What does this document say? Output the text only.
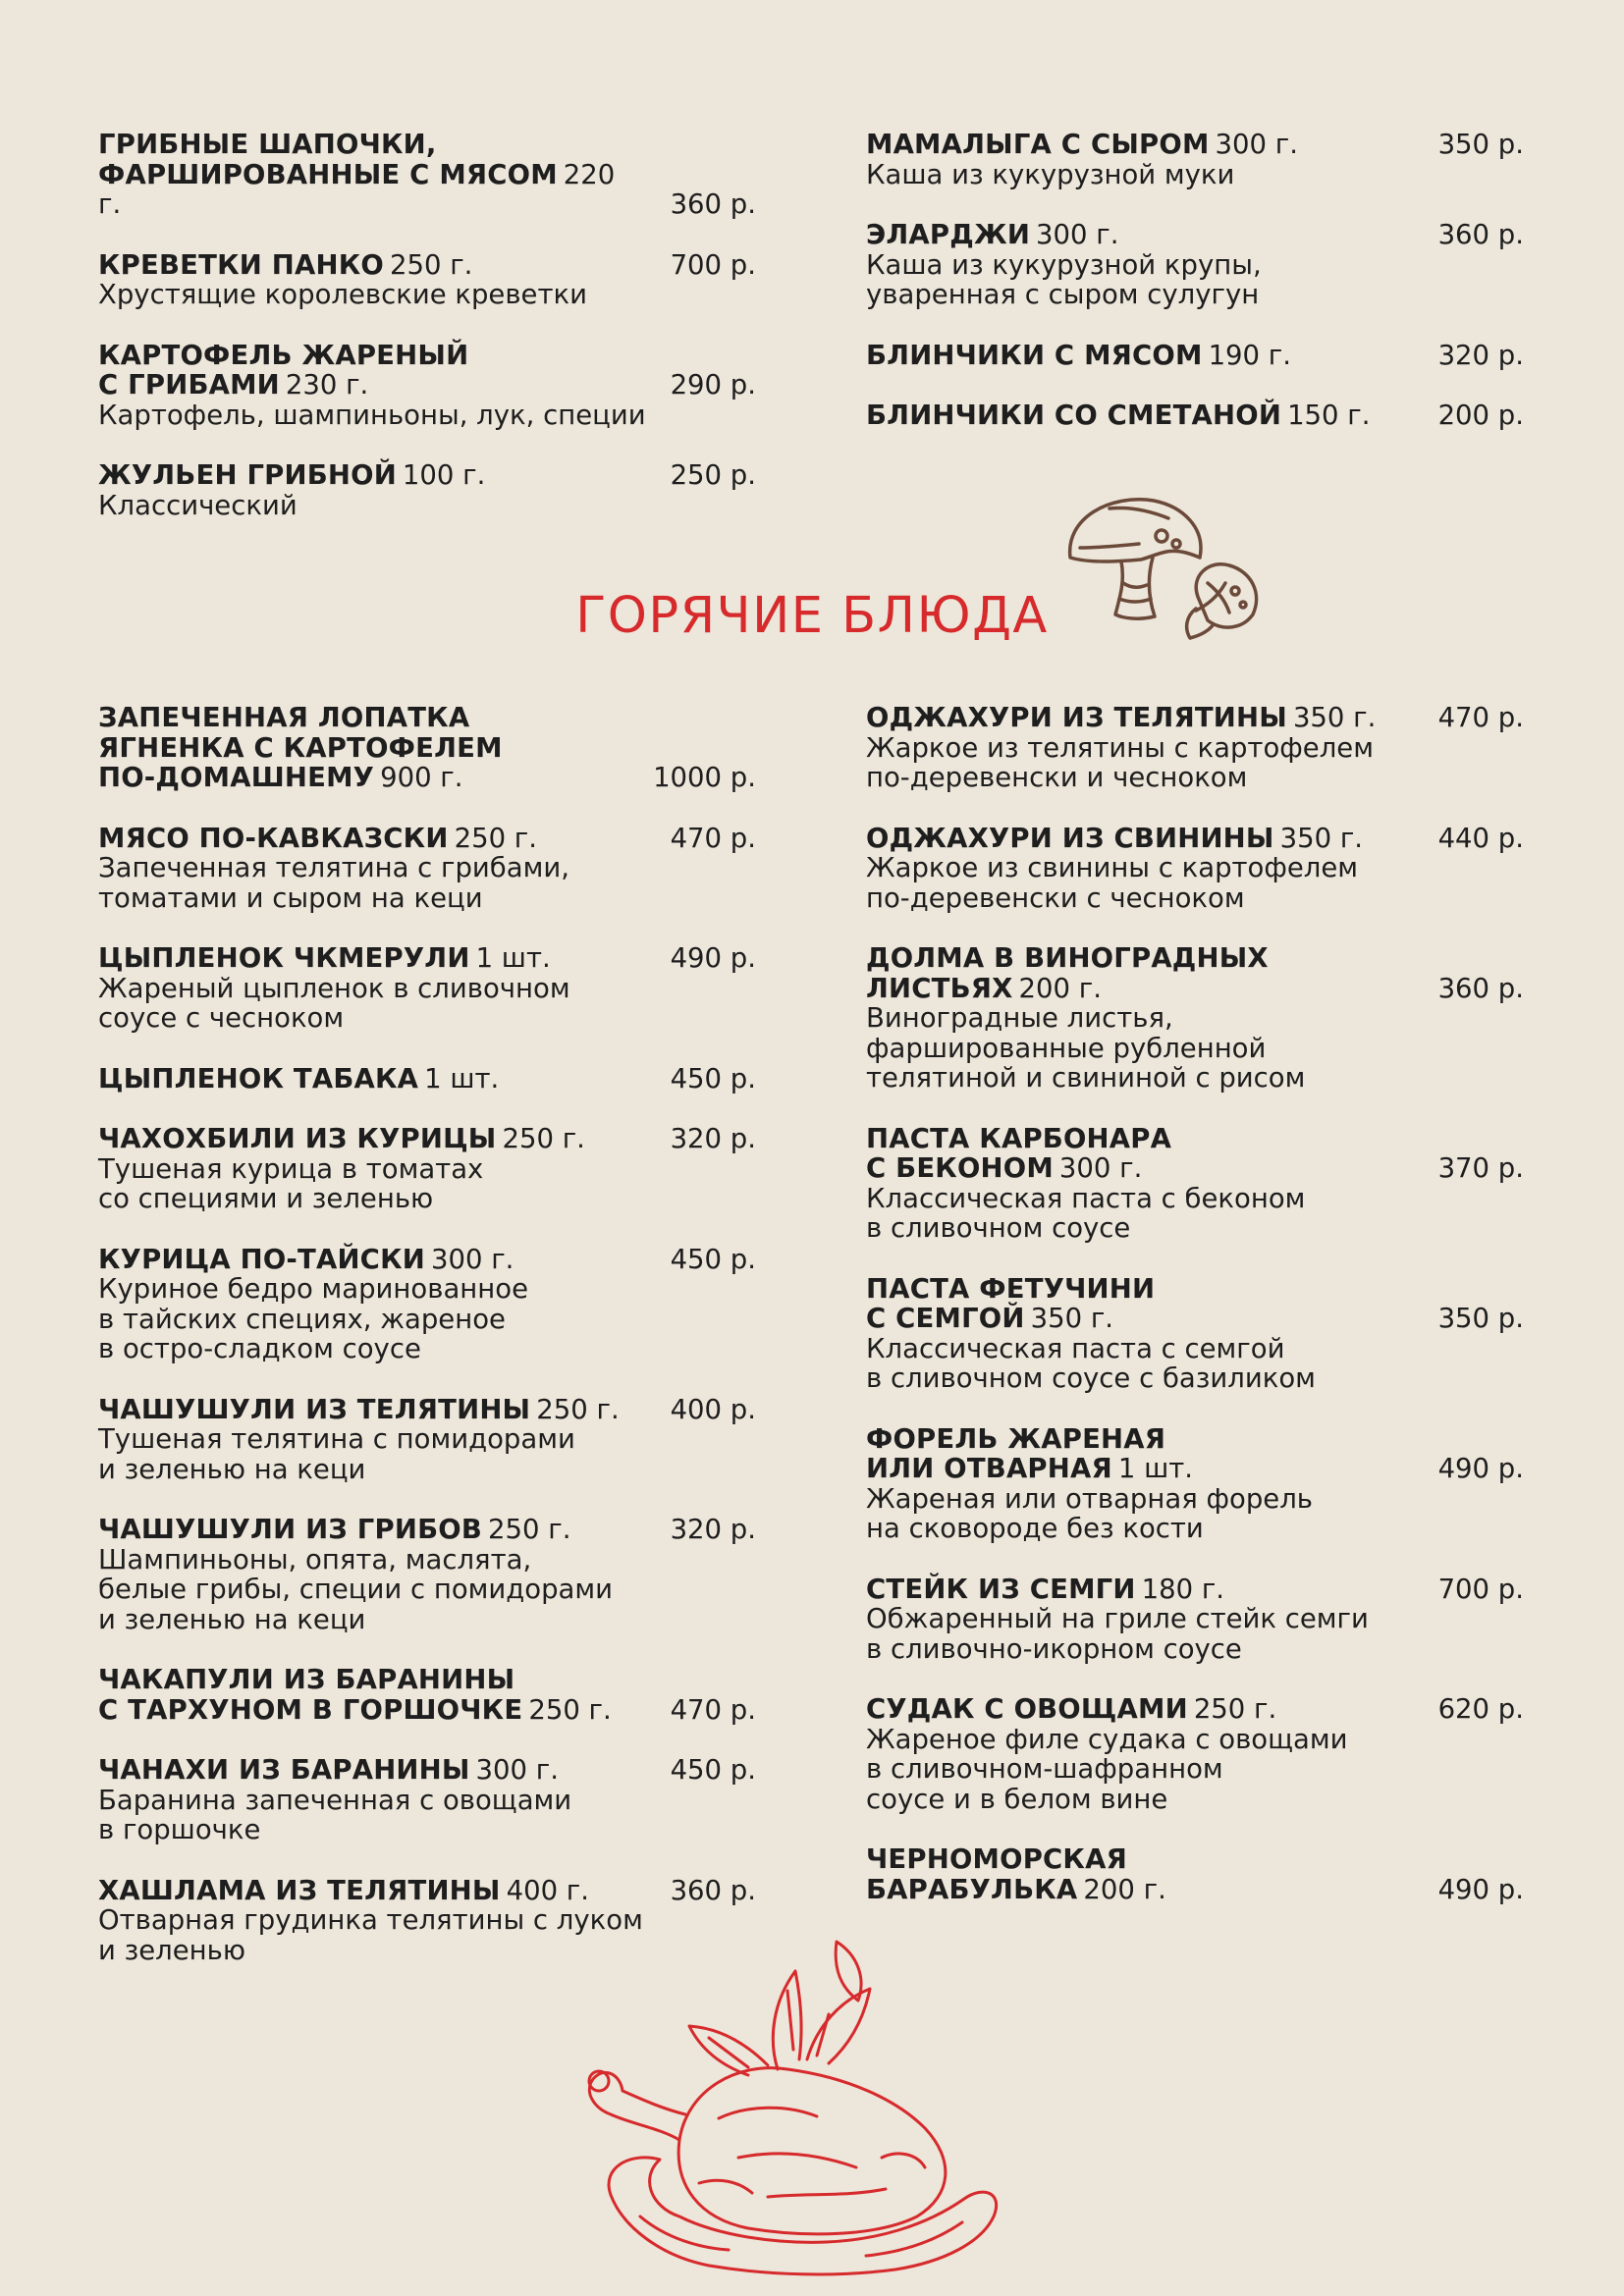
ГРИБНЫЕ ШАПОЧКИ,
ФАРШИРОВАННЫЕ С МЯСОМ 220 г.	360 р.
КРЕВЕТКИ ПАНКО 250 г.	700 р.
Хрустящие королевские креветки
КАРТОФЕЛЬ ЖАРЕНЫЙ
С ГРИБАМИ 230 г.	290 р.
Картофель, шампиньоны, лук, специи
ЖУЛЬЕН ГРИБНОЙ 100 г.	250 р.
Классический
МАМАЛЫГА С СЫРОМ 300 г.	350 р.
Каша из кукурузной муки
ЭЛАРДЖИ 300 г.	360 р.
Каша из кукурузной крупы,
уваренная с сыром сулугун
БЛИНЧИКИ С МЯСОМ 190 г.	320 р.
БЛИНЧИКИ СО СМЕТАНОЙ 150 г.	200 р.
ГОРЯЧИЕ БЛЮДА
ЗАПЕЧЕННАЯ ЛОПАТКА
ЯГНЕНКА С КАРТОФЕЛЕМ
ПО-ДОМАШНЕМУ 900 г.	1000 р.
МЯСО ПО-КАВКАЗСКИ 250 г.	470 р.
Запеченная телятина с грибами,
томатами и сыром на кеци
ЦЫПЛЕНОК ЧКМЕРУЛИ 1 шт.	490 р.
Жареный цыпленок в сливочном
соусе с чесноком
ЦЫПЛЕНОК ТАБАКА 1 шт.	450 р.
ЧАХОХБИЛИ ИЗ КУРИЦЫ 250 г.	320 р.
Тушеная курица в томатах
со специями и зеленью
КУРИЦА ПО-ТАЙСКИ 300 г.	450 р.
Куриное бедро маринованное
в тайских специях, жареное
в остро-сладком соусе
ЧАШУШУЛИ ИЗ ТЕЛЯТИНЫ 250 г.	400 р.
Тушеная телятина с помидорами
и зеленью на кеци
ЧАШУШУЛИ ИЗ ГРИБОВ 250 г.	320 р.
Шампиньоны, опята, маслята,
белые грибы, специи с помидорами
и зеленью на кеци
ЧАКАПУЛИ ИЗ БАРАНИНЫ
С ТАРХУНОМ В ГОРШОЧКЕ 250 г.	470 р.
ЧАНАХИ ИЗ БАРАНИНЫ 300 г.	450 р.
Баранина запеченная с овощами
в горшочке
ХАШЛАМА ИЗ ТЕЛЯТИНЫ 400 г.	360 р.
Отварная грудинка телятины с луком
и зеленью
ОДЖАХУРИ ИЗ ТЕЛЯТИНЫ 350 г.	470 р.
Жаркое из телятины с картофелем
по-деревенски и чесноком
ОДЖАХУРИ ИЗ СВИНИНЫ 350 г.	440 р.
Жаркое из свинины с картофелем
по-деревенски с чесноком
ДОЛМА В ВИНОГРАДНЫХ
ЛИСТЬЯХ 200 г.	360 р.
Виноградные листья,
фаршированные рубленной
телятиной и свининой с рисом
ПАСТА КАРБОНАРА
С БЕКОНОМ 300 г.	370 р.
Классическая паста с беконом
в сливочном соусе
ПАСТА ФЕТУЧИНИ
С СЕМГОЙ 350 г.	350 р.
Классическая паста с семгой
в сливочном соусе с базиликом
ФОРЕЛЬ ЖАРЕНАЯ
ИЛИ ОТВАРНАЯ 1 шт.	490 р.
Жареная или отварная форель
на сковороде без кости
СТЕЙК ИЗ СЕМГИ 180 г.	700 р.
Обжаренный на гриле стейк семги
в сливочно-икорном соусе
СУДАК С ОВОЩАМИ 250 г.	620 р.
Жареное филе судака с овощами
в сливочном-шафранном
соусе и в белом вине
ЧЕРНОМОРСКАЯ
БАРАБУЛЬКА 200 г.	490 р.
